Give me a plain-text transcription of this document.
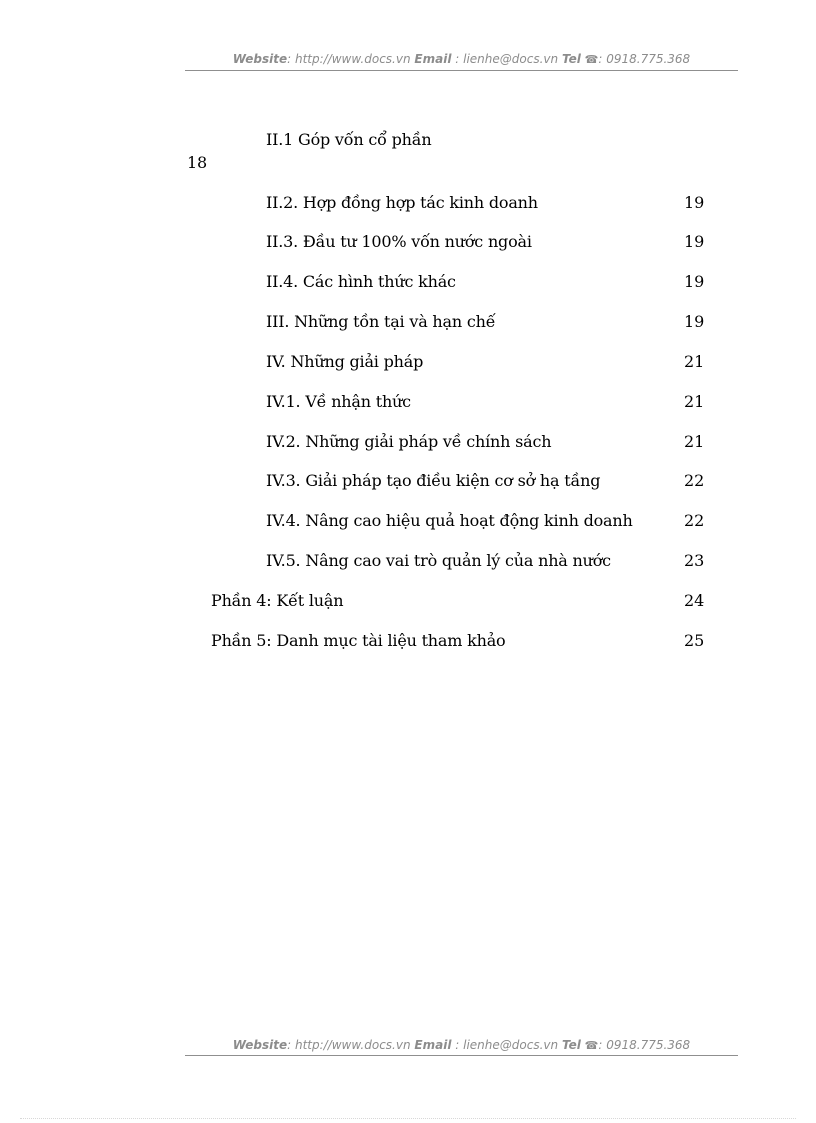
Website: http://www.docs.vn Email : lienhe@docs.vn Tel ☎: 0918.775.368
II.1 Góp vốn cổ phần
18
II.2. Hợp đồng hợp tác kinh doanh	19
II.3. Đầu tư 100% vốn nước ngoài	19
II.4. Các hình thức khác	19
III. Những tồn tại và hạn chế	19
IV. Những giải pháp	21
IV.1. Về nhận thức	21
IV.2. Những giải pháp về chính sách	21
IV.3. Giải pháp tạo điều kiện cơ sở hạ tầng	22
IV.4. Nâng cao hiệu quả hoạt động kinh doanh	22
IV.5. Nâng cao vai trò quản lý của nhà nước	23
Phần 4: Kết luận	24
Phần 5: Danh mục tài liệu tham khảo	25
Website: http://www.docs.vn Email : lienhe@docs.vn Tel ☎: 0918.775.368
